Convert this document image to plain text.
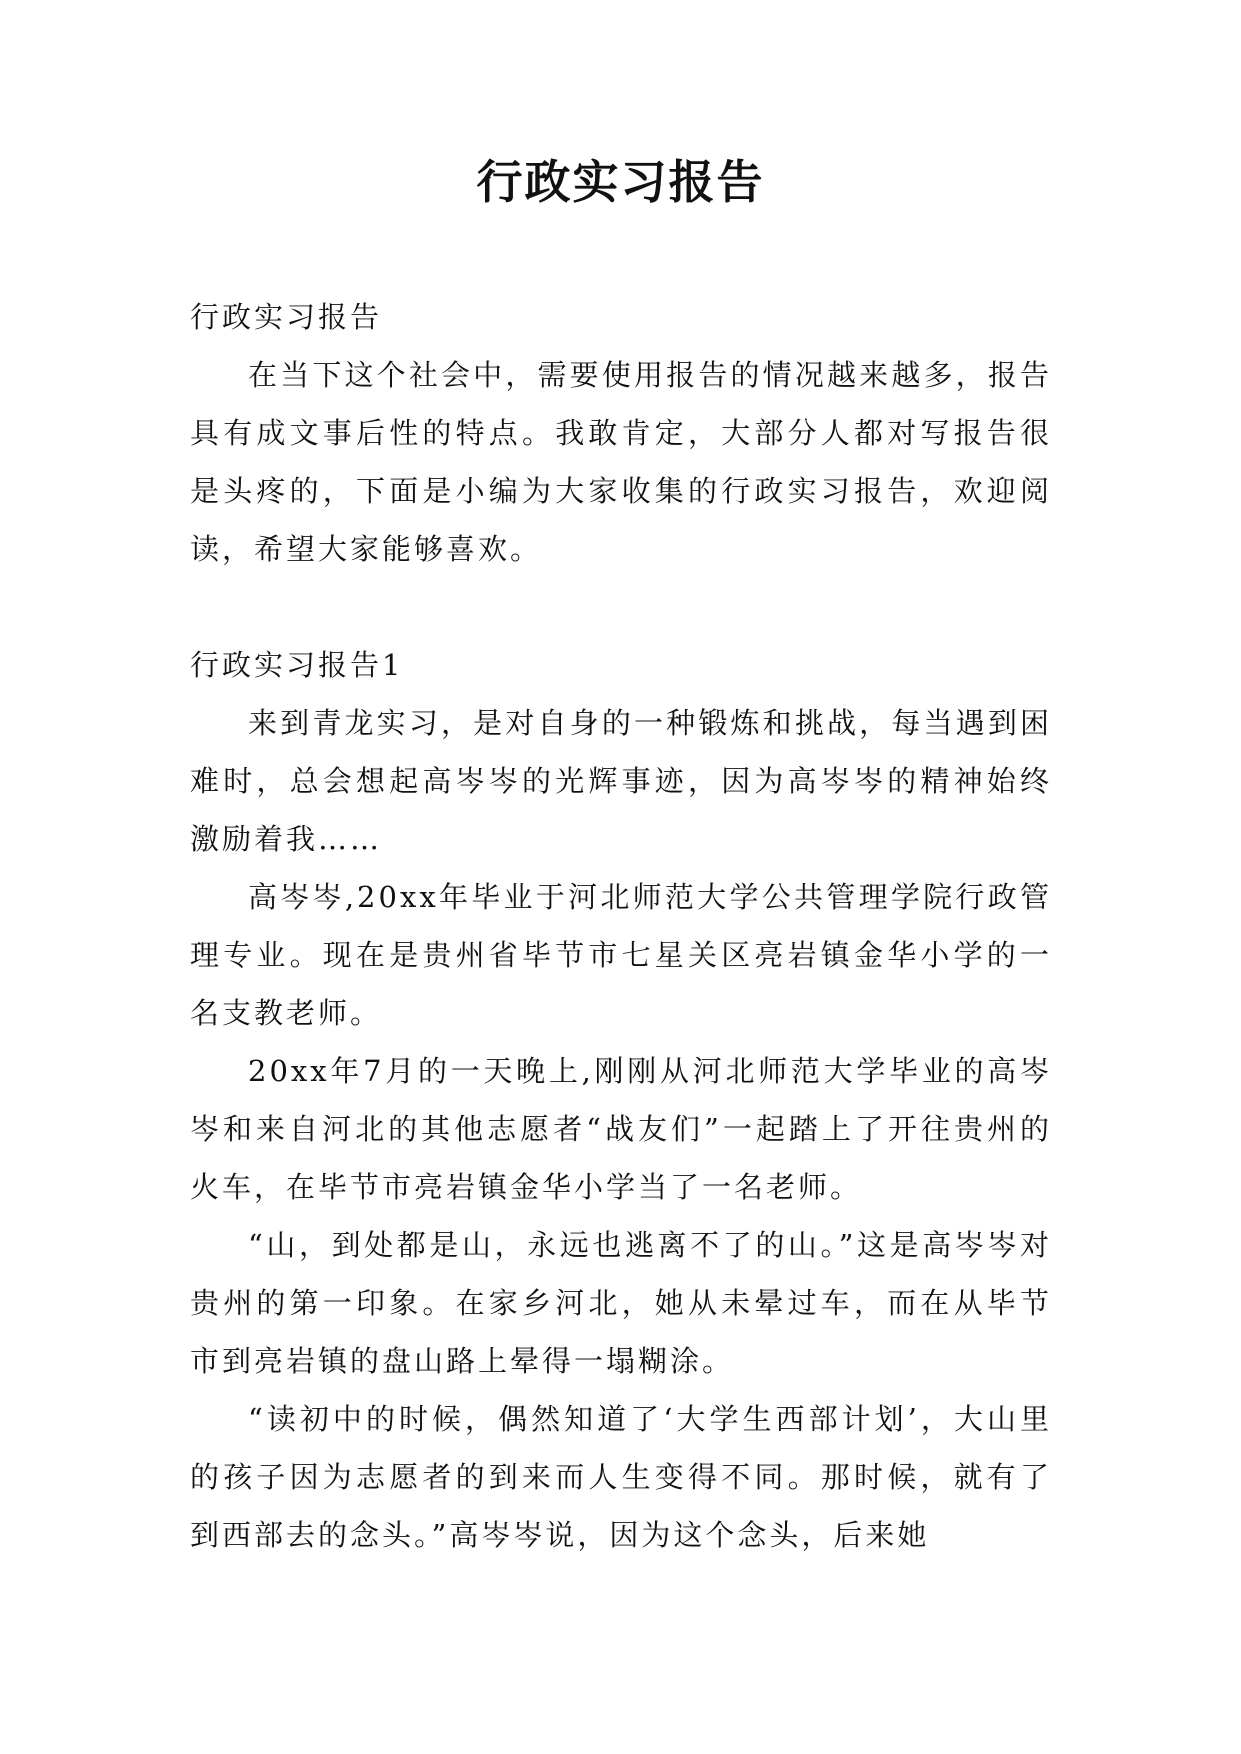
行政实习报告

行政实习报告

在当下这个社会中，需要使用报告的情况越来越多，报告具有成文事后性的特点。我敢肯定，大部分人都对写报告很是头疼的，下面是小编为大家收集的行政实习报告，欢迎阅读，希望大家能够喜欢。

行政实习报告1

来到青龙实习，是对自身的一种锻炼和挑战，每当遇到困难时，总会想起高岑岑的光辉事迹，因为高岑岑的精神始终激励着我……

高岑岑,20xx年毕业于河北师范大学公共管理学院行政管理专业。现在是贵州省毕节市七星关区亮岩镇金华小学的一名支教老师。

20xx年7月的一天晚上,刚刚从河北师范大学毕业的高岑岑和来自河北的其他志愿者“战友们”一起踏上了开往贵州的火车，在毕节市亮岩镇金华小学当了一名老师。

“山，到处都是山，永远也逃离不了的山。”这是高岑岑对贵州的第一印象。在家乡河北，她从未晕过车，而在从毕节市到亮岩镇的盘山路上晕得一塌糊涂。

“读初中的时候，偶然知道了‘大学生西部计划’，大山里的孩子因为志愿者的到来而人生变得不同。那时候，就有了到西部去的念头。”高岑岑说，因为这个念头，后来她
